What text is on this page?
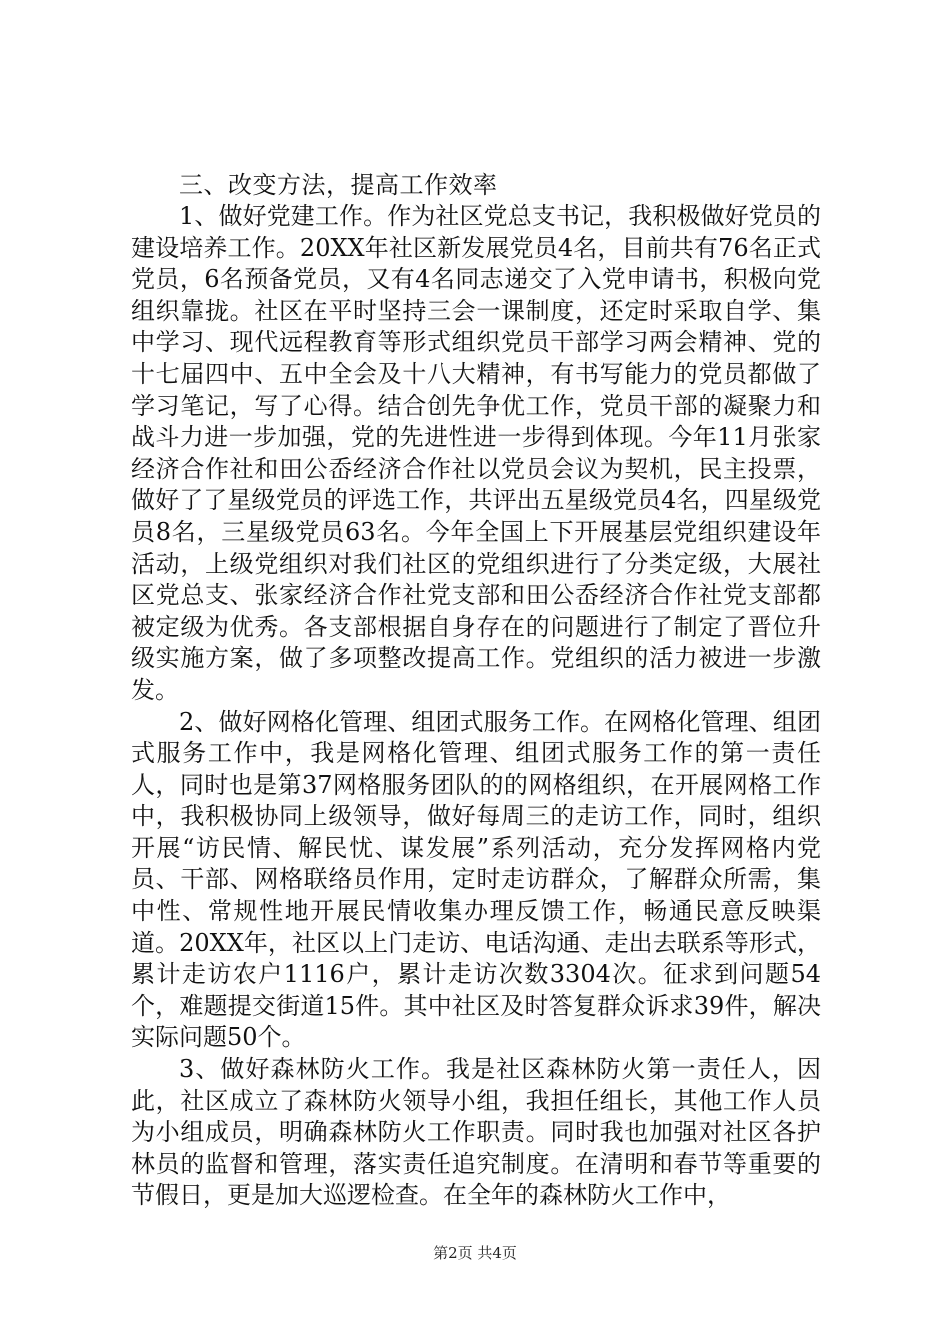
三、改变方法，提高工作效率

1、做好党建工作。作为社区党总支书记，我积极做好党员的建设培养工作。20XX年社区新发展党员4名，目前共有76名正式党员，6名预备党员，又有4名同志递交了入党申请书，积极向党组织靠拢。社区在平时坚持三会一课制度，还定时采取自学、集中学习、现代远程教育等形式组织党员干部学习两会精神、党的十七届四中、五中全会及十八大精神，有书写能力的党员都做了学习笔记，写了心得。结合创先争优工作，党员干部的凝聚力和战斗力进一步加强，党的先进性进一步得到体现。今年11月张家经济合作社和田公岙经济合作社以党员会议为契机，民主投票，做好了了星级党员的评选工作，共评出五星级党员4名，四星级党员8名，三星级党员63名。今年全国上下开展基层党组织建设年活动，上级党组织对我们社区的党组织进行了分类定级，大展社区党总支、张家经济合作社党支部和田公岙经济合作社党支部都被定级为优秀。各支部根据自身存在的问题进行了制定了晋位升级实施方案，做了多项整改提高工作。党组织的活力被进一步激发。

2、做好网格化管理、组团式服务工作。在网格化管理、组团式服务工作中，我是网格化管理、组团式服务工作的第一责任人，同时也是第37网格服务团队的的网格组织，在开展网格工作中，我积极协同上级领导，做好每周三的走访工作，同时，组织开展“访民情、解民忧、谋发展”系列活动，充分发挥网格内党员、干部、网格联络员作用，定时走访群众，了解群众所需，集中性、常规性地开展民情收集办理反馈工作，畅通民意反映渠道。20XX年，社区以上门走访、电话沟通、走出去联系等形式，累计走访农户1116户，累计走访次数3304次。征求到问题54个，难题提交街道15件。其中社区及时答复群众诉求39件，解决实际问题50个。

3、做好森林防火工作。我是社区森林防火第一责任人，因此，社区成立了森林防火领导小组，我担任组长，其他工作人员为小组成员，明确森林防火工作职责。同时我也加强对社区各护林员的监督和管理，落实责任追究制度。在清明和春节等重要的节假日，更是加大巡逻检查。在全年的森林防火工作中，

第2页 共4页
